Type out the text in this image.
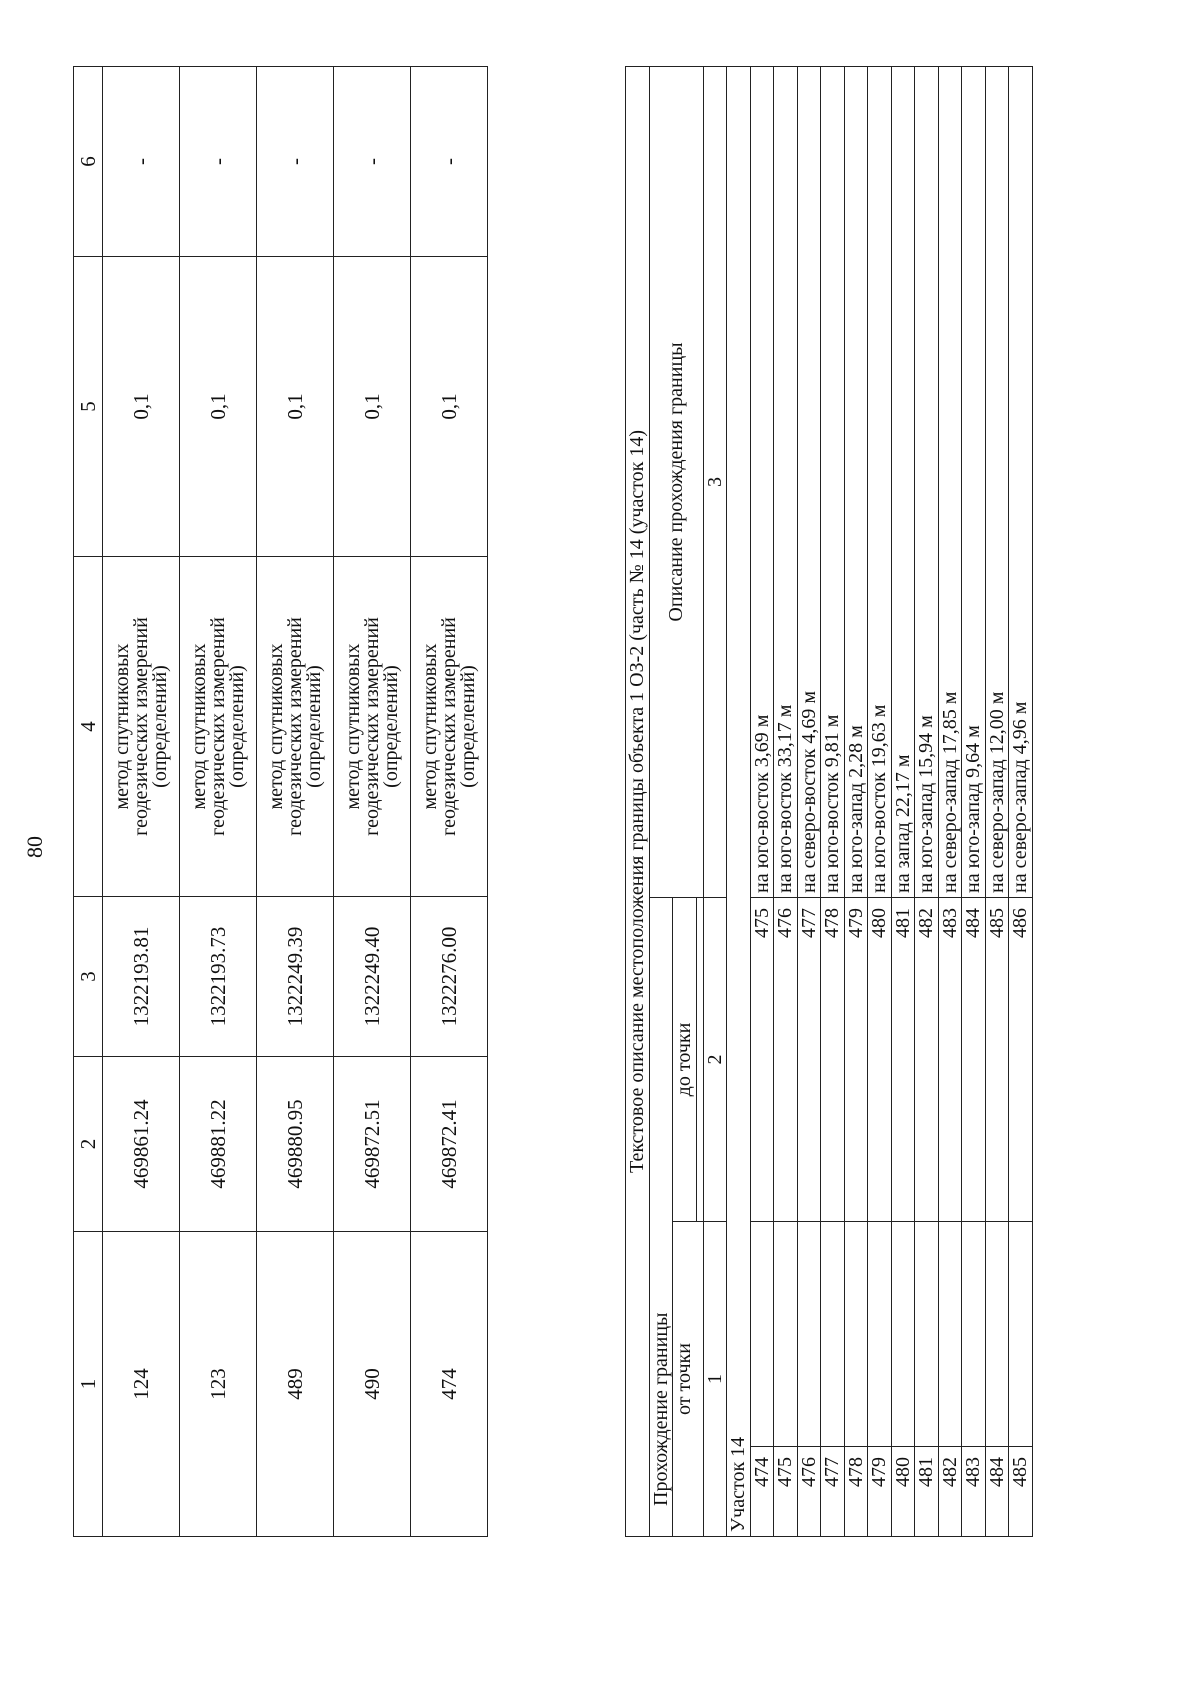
80
1	2	3	4	5	6
124	469861.24	1322193.81	метод спутниковых
геодезических измерений
(определений)	0,1	-
123	469881.22	1322193.73	метод спутниковых
геодезических измерений
(определений)	0,1	-
489	469880.95	1322249.39	метод спутниковых
геодезических измерений
(определений)	0,1	-
490	469872.51	1322249.40	метод спутниковых
геодезических измерений
(определений)	0,1	-
474	469872.41	1322276.00	метод спутниковых
геодезических измерений
(определений)	0,1	-
Текстовое описание местоположения границы объекта 1 ОЗ-2 (часть № 14 (участок 14)			
Прохождение границы			Описание прохождения границы
от точки		до точки	

1		2	3
Участок 14			
474		475	на юго-восток 3,69 м
475		476	на юго-восток 33,17 м
476		477	на северо-восток 4,69 м
477		478	на юго-восток 9,81 м
478		479	на юго-запад 2,28 м
479		480	на юго-восток 19,63 м
480		481	на запад 22,17 м
481		482	на юго-запад 15,94 м
482		483	на северо-запад 17,85 м
483		484	на юго-запад 9,64 м
484		485	на северо-запад 12,00 м
485		486	на северо-запад 4,96 м
